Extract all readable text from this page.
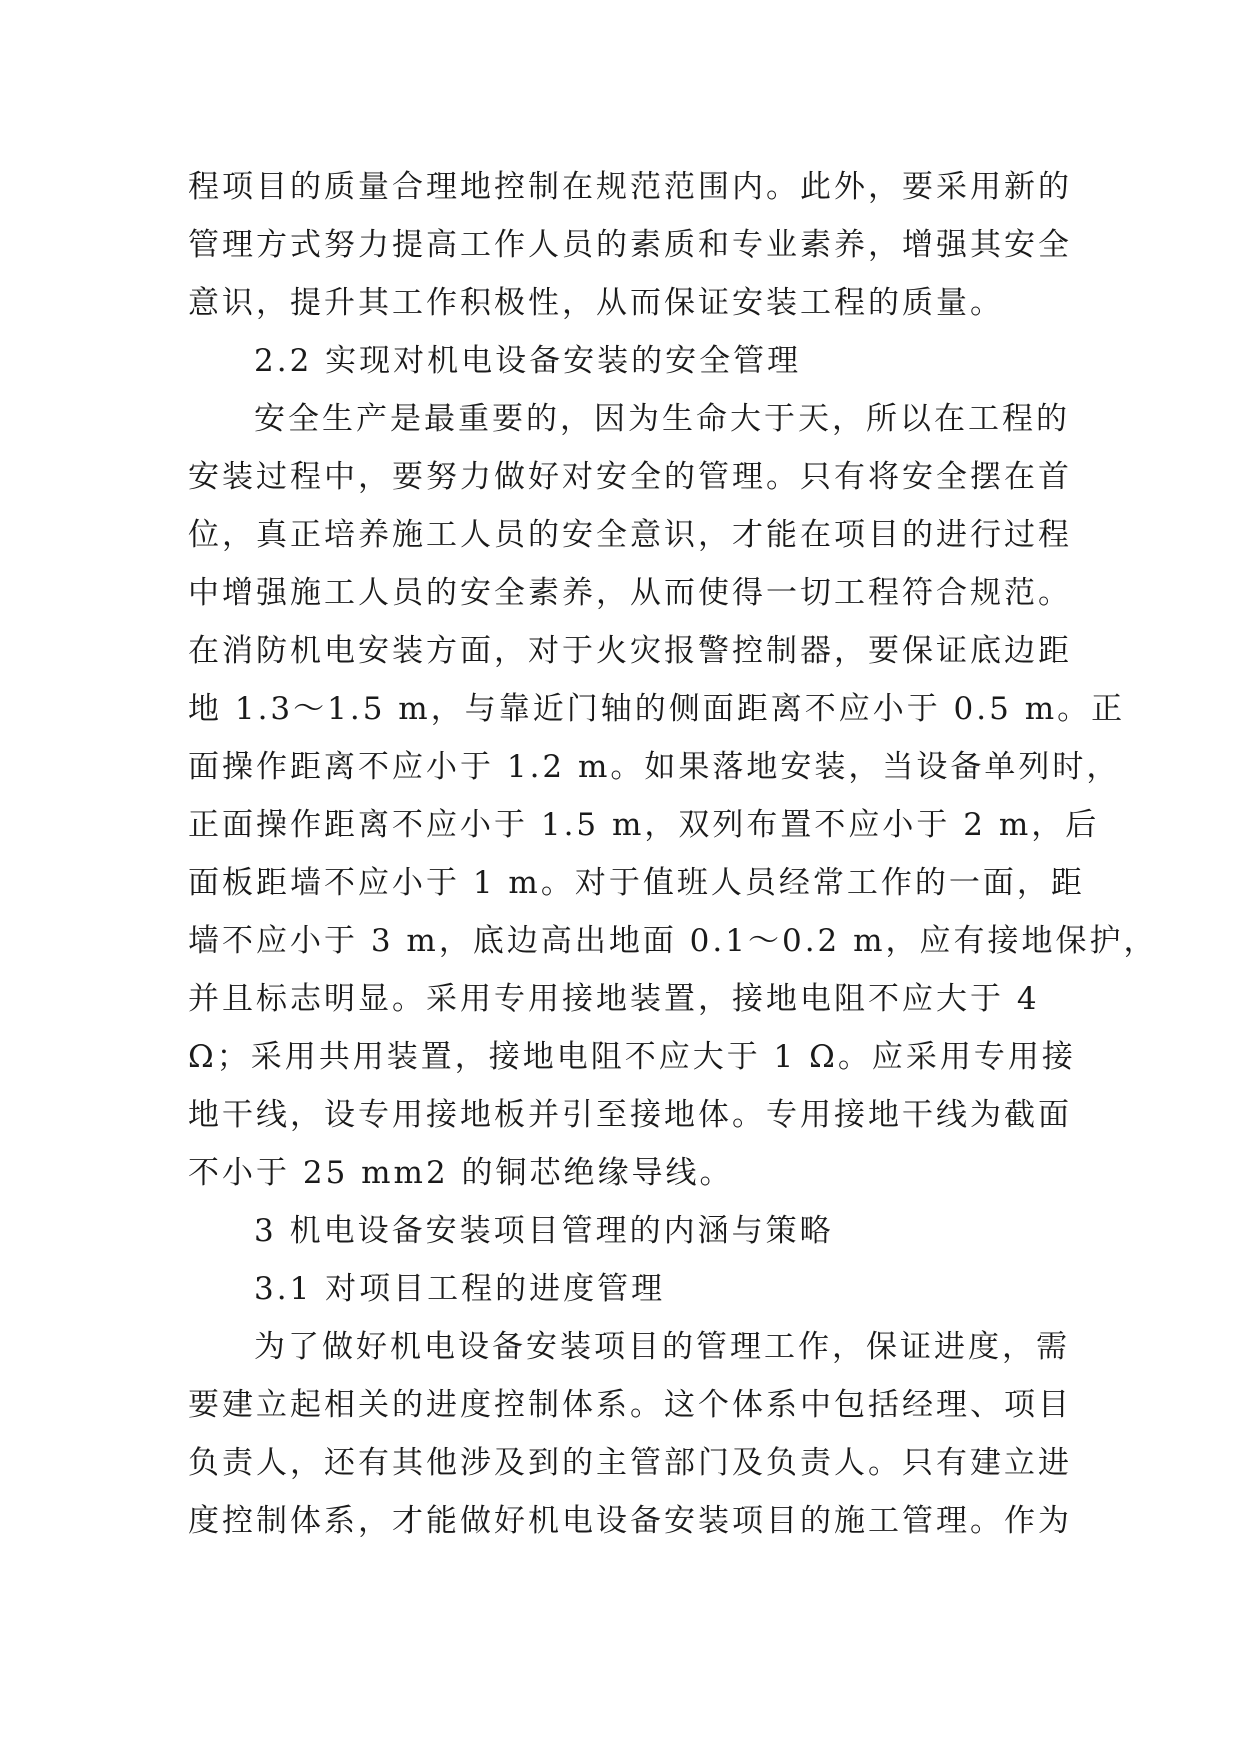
程项目的质量合理地控制在规范范围内。此外，要采用新的
管理方式努力提高工作人员的素质和专业素养，增强其安全
意识，提升其工作积极性，从而保证安装工程的质量。
2.2 实现对机电设备安装的安全管理
安全生产是最重要的，因为生命大于天，所以在工程的
安装过程中，要努力做好对安全的管理。只有将安全摆在首
位，真正培养施工人员的安全意识，才能在项目的进行过程
中增强施工人员的安全素养，从而使得一切工程符合规范。
在消防机电安装方面，对于火灾报警控制器，要保证底边距
地 1.3～1.5 m，与靠近门轴的侧面距离不应小于 0.5 m。正
面操作距离不应小于 1.2 m。如果落地安装，当设备单列时，
正面操作距离不应小于 1.5 m，双列布置不应小于 2 m，后
面板距墙不应小于 1 m。对于值班人员经常工作的一面，距
墙不应小于 3 m，底边高出地面 0.1～0.2 m，应有接地保护，
并且标志明显。采用专用接地装置，接地电阻不应大于 4
Ω；采用共用装置，接地电阻不应大于 1 Ω。应采用专用接
地干线，设专用接地板并引至接地体。专用接地干线为截面
不小于 25 mm2 的铜芯绝缘导线。
3 机电设备安装项目管理的内涵与策略
3.1 对项目工程的进度管理
为了做好机电设备安装项目的管理工作，保证进度，需
要建立起相关的进度控制体系。这个体系中包括经理、项目
负责人，还有其他涉及到的主管部门及负责人。只有建立进
度控制体系，才能做好机电设备安装项目的施工管理。作为
